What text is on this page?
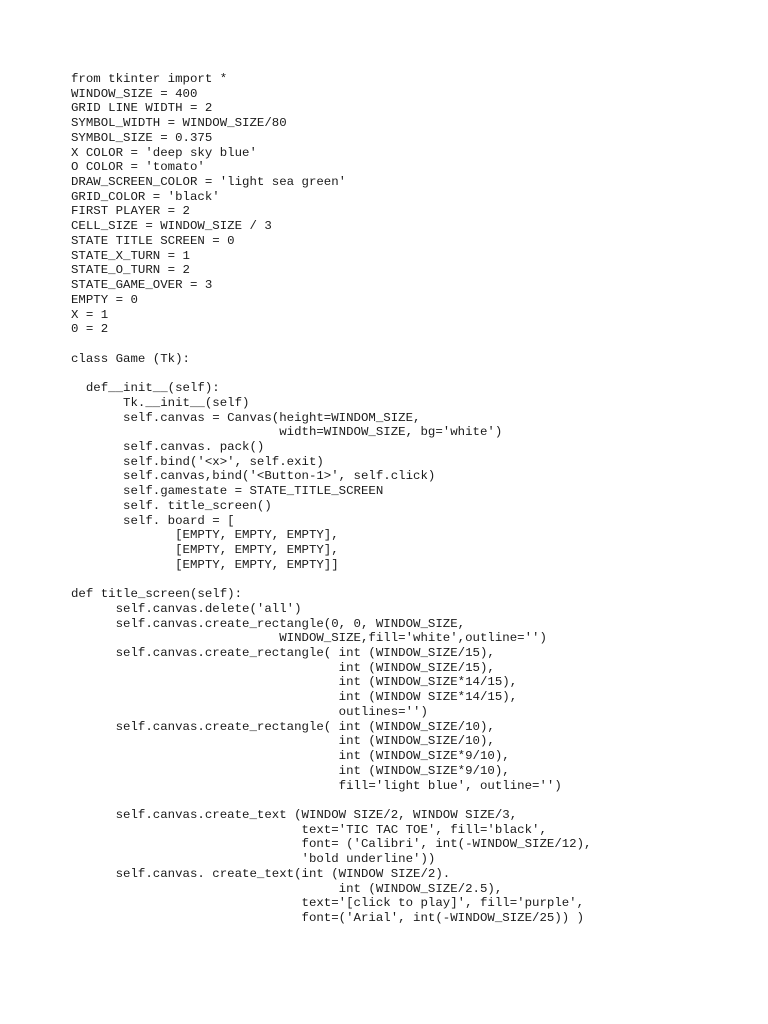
from tkinter import *
WINDOW_SIZE = 400
GRID LINE WIDTH = 2
SYMBOL_WIDTH = WINDOW_SIZE/80
SYMBOL_SIZE = 0.375
X COLOR = 'deep sky blue'
O COLOR = 'tomato'
DRAW_SCREEN_COLOR = 'light sea green'
GRID_COLOR = 'black'
FIRST PLAYER = 2
CELL_SIZE = WINDOW_SIZE / 3
STATE TITLE SCREEN = 0
STATE_X_TURN = 1
STATE_O_TURN = 2
STATE_GAME_OVER = 3
EMPTY = 0
X = 1
0 = 2
class Game (Tk):
def__init__(self):
Tk.__init__(self)
self.canvas = Canvas(height=WINDOM_SIZE,
width=WINDOW_SIZE, bg='white')
self.canvas. pack()
self.bind('<x>', self.exit)
self.canvas,bind('<Button-1>', self.click)
self.gamestate = STATE_TITLE_SCREEN
self. title_screen()
self. board = [
[EMPTY, EMPTY, EMPTY],
[EMPTY, EMPTY, EMPTY],
[EMPTY, EMPTY, EMPTY]]
def title_screen(self):
self.canvas.delete('all')
self.canvas.create_rectangle(0, 0, WINDOW_SIZE,
WINDOW_SIZE,fill='white',outline='')
self.canvas.create_rectangle( int (WINDOW_SIZE/15),
int (WINDOW_SIZE/15),
int (WINDOW_SIZE*14/15),
int (WINDOW SIZE*14/15),
outlines='')
self.canvas.create_rectangle( int (WINDOW_SIZE/10),
int (WINDOW_SIZE/10),
int (WINDOW_SIZE*9/10),
int (WINDOW_SIZE*9/10),
fill='light blue', outline='')
self.canvas.create_text (WINDOW SIZE/2, WINDOW SIZE/3,
text='TIC TAC TOE', fill='black',
font= ('Calibri', int(-WINDOW_SIZE/12),
'bold underline'))
self.canvas. create_text(int (WINDOW SIZE/2).
int (WINDOW_SIZE/2.5),
text='[click to play]', fill='purple',
font=('Arial', int(-WINDOW_SIZE/25)) )
